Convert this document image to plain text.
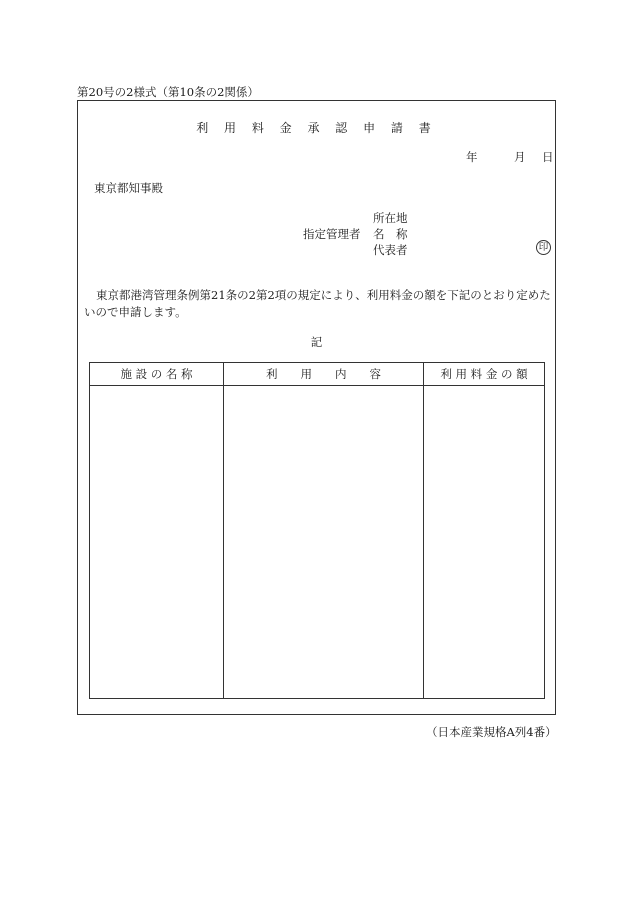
第20号の2様式（第10条の2関係）
利 用 料 金 承 認 申 請 書
年	月 日
東京都知事殿
所在地
指定管理者 名　称
代表者	印
東京都港湾管理条例第21条の2第2項の規定により、利用料金の額を下記のとおり定めたいので申請します。
記
施 設 の 名 称	利　　用　　内　　容	利 用 料 金 の 額

（日本産業規格A列4番）
